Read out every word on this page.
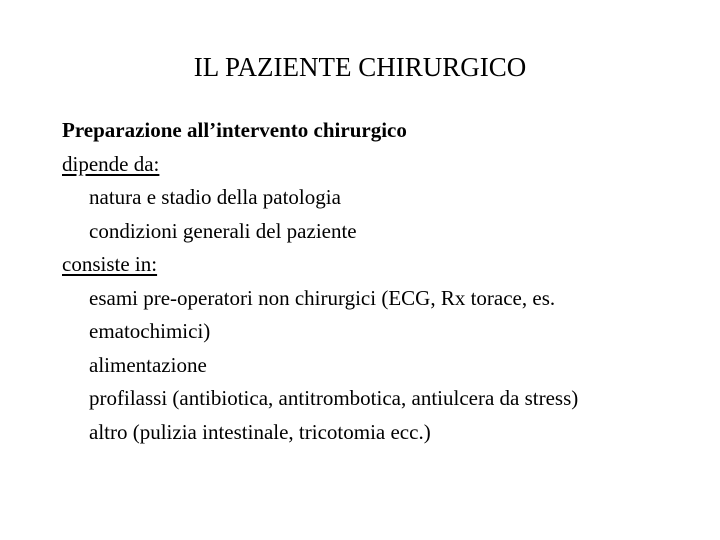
IL PAZIENTE CHIRURGICO
Preparazione all’intervento chirurgico
dipende da:
natura e stadio della patologia
condizioni generali del paziente
consiste in:
esami pre-operatori non chirurgici (ECG, Rx torace, es.
ematochimici)
alimentazione
profilassi (antibiotica, antitrombotica, antiulcera da stress)
altro (pulizia intestinale, tricotomia ecc.)
